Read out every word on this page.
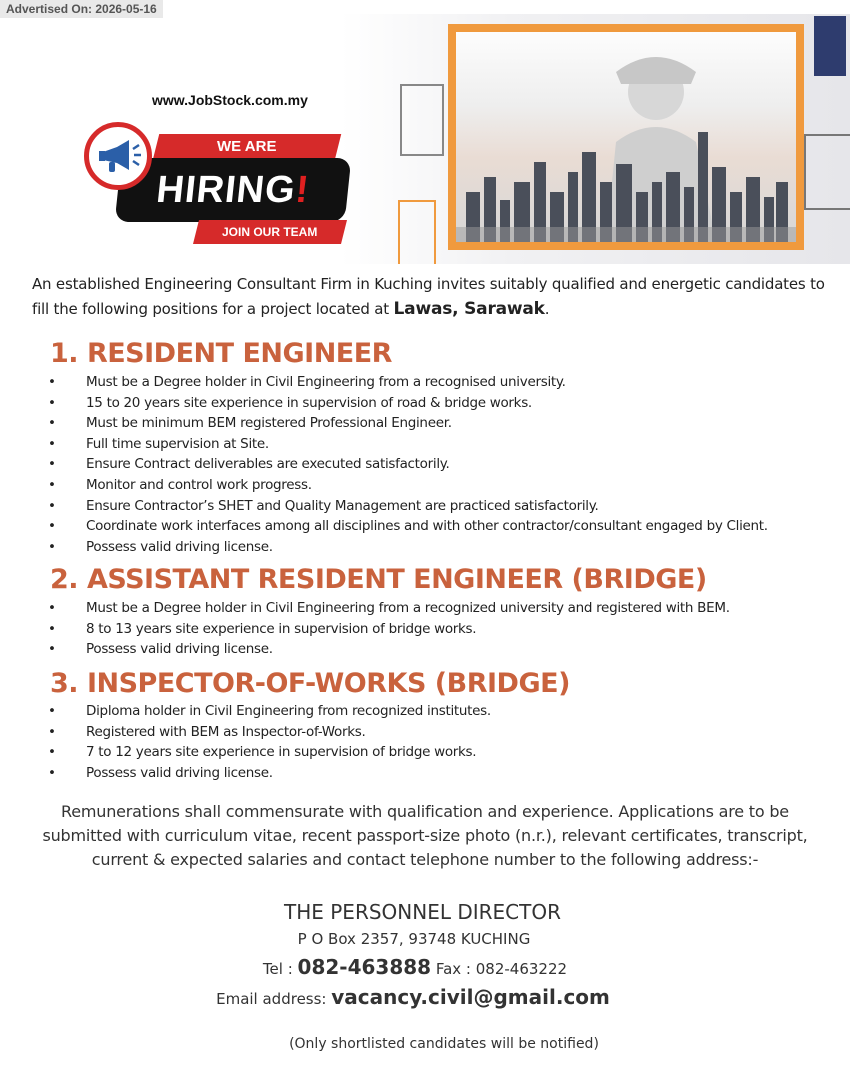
Advertised On: 2026-05-16
www.JobStock.com.my
WE ARE
HIRING!
JOIN OUR TEAM
An established Engineering Consultant Firm in Kuching invites suitably qualified and energetic candidates to fill the following positions for a project located at Lawas, Sarawak.
1. RESIDENT ENGINEER
• Must be a Degree holder in Civil Engineering from a recognised university.
• 15 to 20 years site experience in supervision of road & bridge works.
• Must be minimum BEM registered Professional Engineer.
• Full time supervision at Site.
• Ensure Contract deliverables are executed satisfactorily.
• Monitor and control work progress.
• Ensure Contractor’s SHET and Quality Management are practiced satisfactorily.
• Coordinate work interfaces among all disciplines and with other contractor/consultant engaged by Client.
• Possess valid driving license.
2. ASSISTANT RESIDENT ENGINEER (BRIDGE)
• Must be a Degree holder in Civil Engineering from a recognized university and registered with BEM.
• 8 to 13 years site experience in supervision of bridge works.
• Possess valid driving license.
3. INSPECTOR-OF-WORKS (BRIDGE)
• Diploma holder in Civil Engineering from recognized institutes.
• Registered with BEM as Inspector-of-Works.
• 7 to 12 years site experience in supervision of bridge works.
• Possess valid driving license.
Remunerations shall commensurate with qualification and experience. Applications are to be
submitted with curriculum vitae, recent passport-size photo (n.r.), relevant certificates, transcript,
current & expected salaries and contact telephone number to the following address:-
THE PERSONNEL DIRECTOR
P O Box 2357, 93748 KUCHING
Tel : 082-463888 Fax : 082-463222
Email address: vacancy.civil@gmail.com
(Only shortlisted candidates will be notified)
